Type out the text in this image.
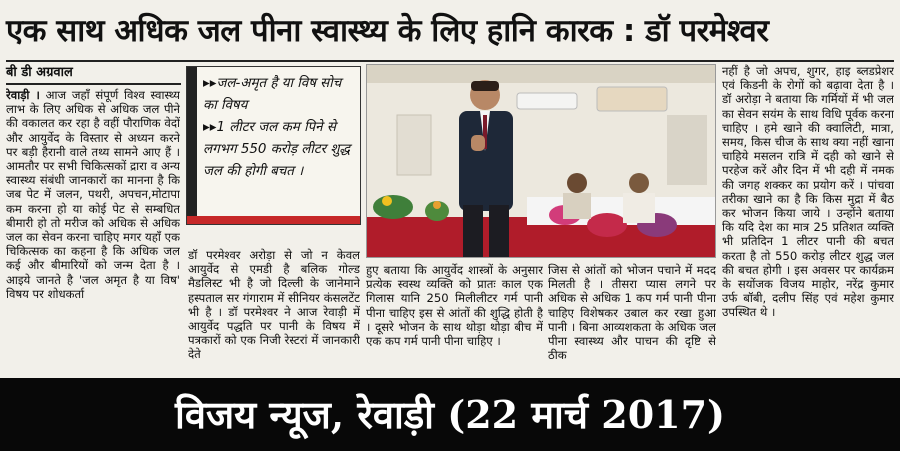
एक साथ अधिक जल पीना स्वास्थ्य के लिए हानि कारक : डॉ परमेश्वर
बी डी अग्रवाल

रेवाड़ी । आज जहाँ संपूर्ण विश्व स्वास्थ्य लाभ के लिए अधिक से अधिक जल पीने की वकालत कर रहा है वहीं पौराणिक वेदों और आयुर्वेद के विस्तार से अध्यन करने पर बड़ी हैरानी वाले तथ्य सामने आए हैं ।आमतौर पर सभी चिकित्सकों द्रारा व अन्य स्वास्थ्य संबंधी जानकारों का मानना है कि जब पेट में जलन, पथरी, अपचन,मोटापा कम करना हो या कोई पेट से सम्बधित बीमारी हो तो मरीज को अधिक से अधिक जल का सेवन करना चाहिए मगर यहाँ एक चिकित्सक का कहना है कि अधिक जल कई और बीमारियों को जन्म देता है ।आइये जानते है 'जल अमृत है या विष' विषय पर शोधकर्ता

▸▸जल-अमृत है या विष सोच का विषय
▸▸1 लीटर जल कम पिने से लगभग 550 करोड़ लीटर शुद्ध जल की होगी बचत ।

डॉ परमेश्वर अरोड़ा से जो न केवल आयुर्वेद से एमडी है बलिक गोल्ड मैडलिस्ट भी है जो दिल्ली के जानेमाने हस्पताल सर गंगाराम में सीनियर कंसलटेंट भी है । डॉ परमेश्वर ने आज रेवाड़ी में आयुर्वेद पद्धति पर पानी के विषय में पत्रकारों को एक निजी रेस्टरां में जानकारी देते

हुए बताया कि आयुर्वेद शास्त्रों के अनुसार प्रत्येक स्वस्थ व्यक्ति को प्रातः काल एक गिलास यानि 250 मिलीलीटर गर्म पानी पीना चाहिए इस से आंतों की शुद्धि होती है । दूसरे भोजन के साथ थोड़ा थोड़ा बीच में एक कप गर्म पानी पीना चाहिए ।

जिस से आंतों को भोजन पचाने में मदद मिलती है । तीसरा प्यास लगने पर अधिक से अधिक 1 कप गर्म पानी पीना चाहिए विशेषकर उबाल कर रखा हुआ पानी । बिना आव्यशकता के अधिक जल पीना स्वास्थ्य और पाचन की दृष्टि से ठीक

नहीं है जो अपच, शुगर, हाइ ब्लडप्रेशर एवं किडनी के रोगों को बढ़ावा देता है । डॉ अरोड़ा ने बताया कि गर्मियों में भी जल का सेवन सयंम के साथ विधि पूर्वक करना चाहिए । हमे खाने की क्वालिटी, मात्रा, समय, किस चीज के साथ क्या नहीं खाना चाहिये मसलन रात्रि में दही को खाने से परहेज करें और दिन में भी दही में नमक की जगह शक्कर का प्रयोग करें । पांचवा तरीका खाने का है कि किस मुद्रा में बैठ कर भोजन किया जाये । उन्होंने बताया कि यदि देश का मात्र 25 प्रतिशत व्यक्ति भी प्रतिदिन 1 लीटर पानी की बचत करता है तो 550 करोड़ लीटर शुद्ध जल की बचत होगी । इस अवसर पर कार्यक्रम के सयोंजक विजय माहोर, नरेंद्र कुमार उर्फ बॉबी, दलीप सिंह एवं महेश कुमार उपस्थित थे ।

विजय न्यूज, रेवाड़ी (22 मार्च 2017)
